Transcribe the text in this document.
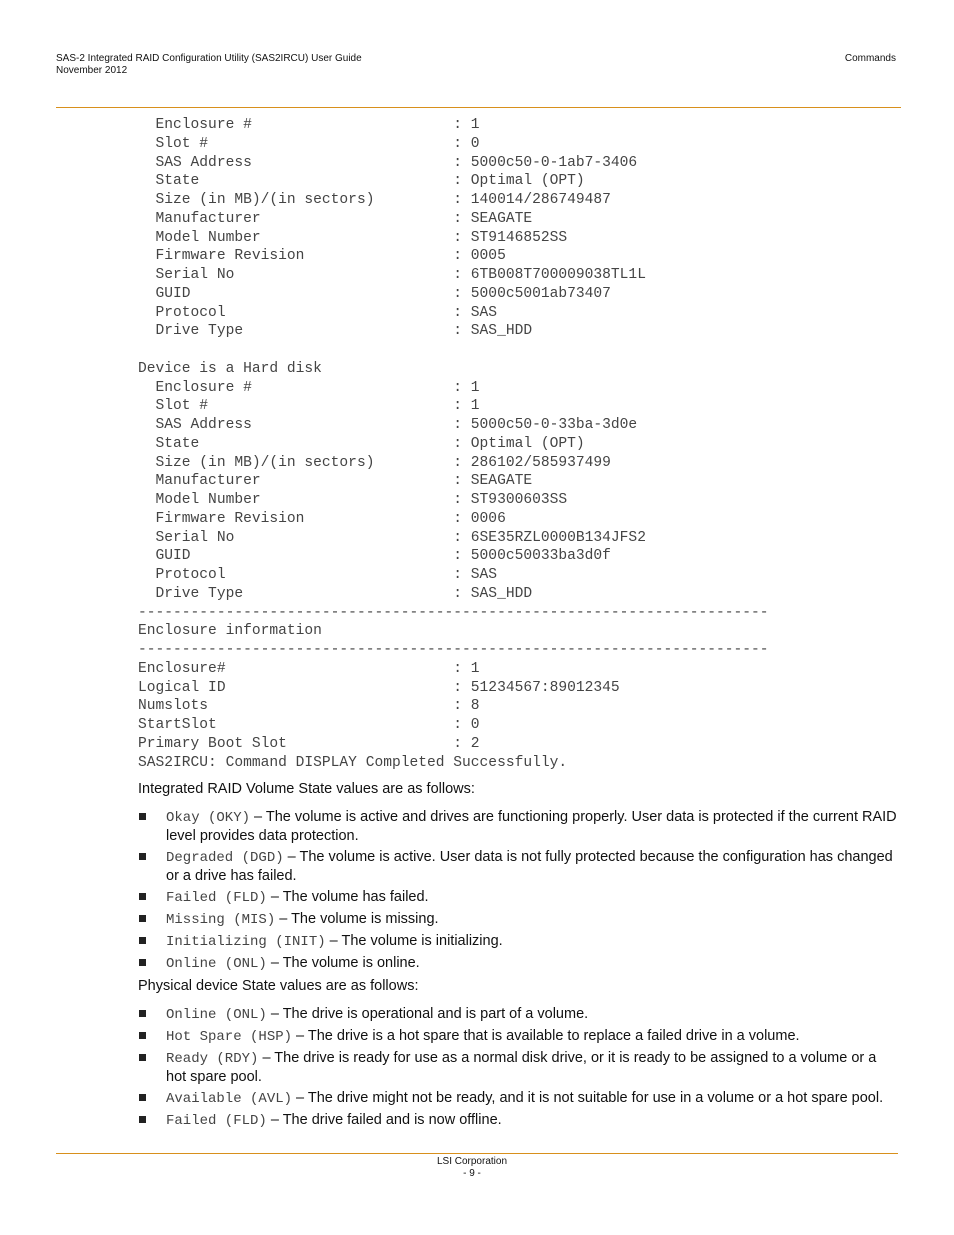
SAS-2 Integrated RAID Configuration Utility (SAS2IRCU) User Guide
November 2012
Commands
Enclosure #                       : 1
Slot #                            : 0
SAS Address                       : 5000c50-0-1ab7-3406
State                             : Optimal (OPT)
Size (in MB)/(in sectors)         : 140014/286749487
Manufacturer                      : SEAGATE
Model Number                      : ST9146852SS
Firmware Revision                 : 0005
Serial No                         : 6TB008T700009038TL1L
GUID                              : 5000c5001ab73407
Protocol                          : SAS
Drive Type                        : SAS_HDD
Device is a Hard disk
Enclosure #                       : 1
Slot #                            : 1
SAS Address                       : 5000c50-0-33ba-3d0e
State                             : Optimal (OPT)
Size (in MB)/(in sectors)         : 286102/585937499
Manufacturer                      : SEAGATE
Model Number                      : ST9300603SS
Firmware Revision                 : 0006
Serial No                         : 6SE35RZL0000B134JFS2
GUID                              : 5000c50033ba3d0f
Protocol                          : SAS
Drive Type                        : SAS_HDD
------------------------------------------------------------------------
Enclosure information
------------------------------------------------------------------------
Enclosure#                          : 1
Logical ID                          : 51234567:89012345
Numslots                            : 8
StartSlot                           : 0
Primary Boot Slot                   : 2
SAS2IRCU: Command DISPLAY Completed Successfully.
Integrated RAID Volume State values are as follows:
Okay (OKY) – The volume is active and drives are functioning properly. User data is protected if the current RAID level provides data protection.
Degraded (DGD) – The volume is active. User data is not fully protected because the configuration has changed or a drive has failed.
Failed (FLD) – The volume has failed.
Missing (MIS) – The volume is missing.
Initializing (INIT) – The volume is initializing.
Online (ONL) – The volume is online.
Physical device State values are as follows:
Online (ONL) – The drive is operational and is part of a volume.
Hot Spare (HSP) – The drive is a hot spare that is available to replace a failed drive in a volume.
Ready (RDY) – The drive is ready for use as a normal disk drive, or it is ready to be assigned to a volume or a hot spare pool.
Available (AVL) – The drive might not be ready, and it is not suitable for use in a volume or a hot spare pool.
Failed (FLD) – The drive failed and is now offline.
LSI Corporation
- 9 -
